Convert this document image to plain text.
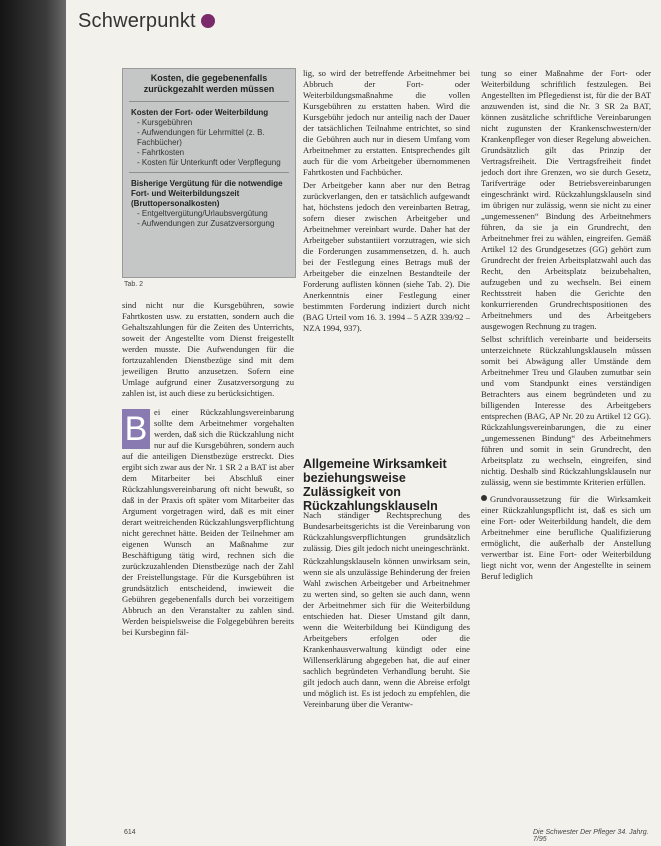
Schwerpunkt
Kosten, die gegebenenfalls zurückgezahlt werden müssen
Kosten der Fort- oder Weiterbildung
- Kursgebühren
- Aufwendungen für Lehrmittel (z. B. Fachbücher)
- Fahrtkosten
- Kosten für Unterkunft oder Verpflegung
Bisherige Vergütung für die notwendige Fort- und Weiterbildungszeit (Bruttopersonalkosten)
- Entgeltvergütung/Urlaubsvergütung
- Aufwendungen zur Zusatzversorgung
Tab. 2

sind nicht nur die Kursgebühren, sowie Fahrtkosten usw. zu erstatten, sondern auch die Gehaltszahlungen für die Zeiten des Unterrichts, soweit der Angestellte vom Dienst freigestellt werden musste. Die Aufwendungen für die fortzuzahlenden Dienstbezüge sind mit dem jeweiligen Brutto anzusetzen. Sofern eine Umlage aufgrund einer Zusatzversorgung zu zahlen ist, ist auch diese zu berücksichtigen.

B ei einer Rückzahlungsvereinbarung sollte dem Arbeitnehmer vorgehalten werden, daß sich die Rückzahlung nicht nur auf die Kursgebühren, sondern auch auf die anteiligen Dienstbezüge erstreckt. Dies ergibt sich zwar aus der Nr. 1 SR 2 a BAT ist aber dem Mitarbeiter bei Abschluß einer Rückzahlungsvereinbarung oft nicht bewußt, so daß in der Praxis oft später vom Mitarbeiter das Argument vorgetragen wird, daß es mit einer derart weitreichenden Rückzahlungsverpflichtung nicht gerechnet hätte. Beiden der Teilnehmer am eigenen Wunsch an Maßnahme zur Beschäftigung tätig wird, rechnen sich die zurückzuzahlenden Dienstbezüge nach der Zahl der Freistellungstage. Für die Kursgebühren ist grundsätzlich entscheidend, inwieweit die Gebühren gegebenenfalls durch bei vorzeitigem Abbruch an den Veranstalter zu zahlen sind. Werden beispielsweise die Folgegebühren bereits bei Kursbeginn fäl-

lig, so wird der betreffende Arbeitnehmer bei Abbruch der Fort- oder Weiterbildungsmaßnahme die vollen Kursgebühren zu erstatten haben. Wird die Kursgebühr jedoch nur anteilig nach der Dauer der tatsächlichen Teilnahme entrichtet, so sind die Gebühren auch nur in diesem Umfang vom Arbeitnehmer zu erstatten. Entsprechendes gilt auch für die vom Arbeitgeber übernommenen Fahrtkosten und Fachbücher.

Der Arbeitgeber kann aber nur den Betrag zurückverlangen, den er tatsächlich aufgewandt hat, höchstens jedoch den vereinbarten Betrag, sofern dieser zwischen Arbeitgeber und Arbeitnehmer vereinbart wurde. Daher hat der Arbeitgeber substantiiert vorzutragen, wie sich die Forderungen zusammensetzen, d. h. auch bei der Festlegung eines Betrags muß der Arbeitgeber die einzelnen Bestandteile der Forderung auflisten können (siehe Tab. 2). Die Anerkenntnis einer Festlegung einer bestimmten Forderung indiziert durch nicht (BAG Urteil vom 16. 3. 1994 – 5 AZR 339/92 – NZA 1994, 937).

Allgemeine Wirksamkeit beziehungsweise Zulässigkeit von Rückzahlungsklauseln

Nach ständiger Rechtsprechung des Bundesarbeitsgerichts ist die Vereinbarung von Rückzahlungsverpflichtungen grundsätzlich zulässig. Dies gilt jedoch nicht uneingeschränkt.

Rückzahlungsklauseln können unwirksam sein, wenn sie als unzulässige Behinderung der freien Wahl zwischen Arbeitgeber und Arbeitnehmer zu werten sind, so gelten sie auch dann, wenn der Arbeitnehmer sich für die Weiterbildung entschieden hat. Dieser Umstand gilt dann, wenn die Weiterbildung bei Kündigung des Arbeitgebers erfolgen oder die Krankenhausverwaltung kündigt oder eine Willenserklärung abgegeben hat, die auf einer sachlich begründeten Verhandlung beruht. Sie gilt jedoch auch dann, wenn die Abreise erfolgt und möglich ist. Es ist jedoch zu empfehlen, die Vereinbarung über die Verantw-

tung so einer Maßnahme der Fort- oder Weiterbildung schriftlich festzulegen. Bei Angestellten im Pflegedienst ist, für die der BAT anzuwenden ist, sind die Nr. 3 SR 2a BAT, können zusätzliche schriftliche Vereinbarungen nicht zugunsten der Krankenschwestern/der Krankenpfleger von dieser Regelung abweichen. Grundsätzlich gilt das Prinzip der Vertragsfreiheit. Die Vertragsfreiheit findet jedoch dort ihre Grenzen, wo sie durch Gesetz, Tarifverträge oder Betriebsvereinbarungen eingeschränkt wird. Rückzahlungsklauseln sind im übrigen nur zulässig, wenn sie nicht zu einer „ungemessenen“ Bindung des Arbeitnehmers führen, da sie ja ein Grundrecht, den Arbeitnehmer frei zu wählen, eingreifen. Gemäß Artikel 12 des Grundgesetzes (GG) gehört zum Grundrecht der freien Arbeitsplatzwahl auch das Recht, den Arbeitsplatz beizubehalten, aufzugeben und zu wechseln. Bei einem Rechtsstreit haben die Gerichte den konkurrierenden Grundrechtspositionen des Arbeitnehmers und des Arbeitgebers ausgewogen Rechnung zu tragen.

Selbst schriftlich vereinbarte und beiderseits unterzeichnete Rückzahlungsklauseln müssen somit bei Abwägung aller Umstände dem Arbeitnehmer Treu und Glauben zumutbar sein und vom Standpunkt eines verständigen Betrachters aus einem begründeten und zu billigenden Interesse des Arbeitgebers entsprechen (BAG, AP Nr. 20 zu Artikel 12 GG). Rückzahlungsvereinbarungen, die zu einer „ungemessenen Bindung“ des Arbeitnehmers führen und somit in sein Grundrecht, den Arbeitsplatz zu wechseln, eingreifen, sind nichtig. Deshalb sind Rückzahlungsklauseln nur zulässig, wenn sie bestimmte Kriterien erfüllen.

Grundvoraussetzung für die Wirksamkeit einer Rückzahlungspflicht ist, daß es sich um eine Fort- oder Weiterbildung handelt, die dem Arbeitnehmer eine berufliche Qualifizierung ermöglicht, die außerhalb der Anstellung verwertbar ist. Eine Fort- oder Weiterbildung liegt nicht vor, wenn der Angestellte in seinem Beruf lediglich

614	Die Schwester Der Pfleger 34. Jahrg. 7/95
